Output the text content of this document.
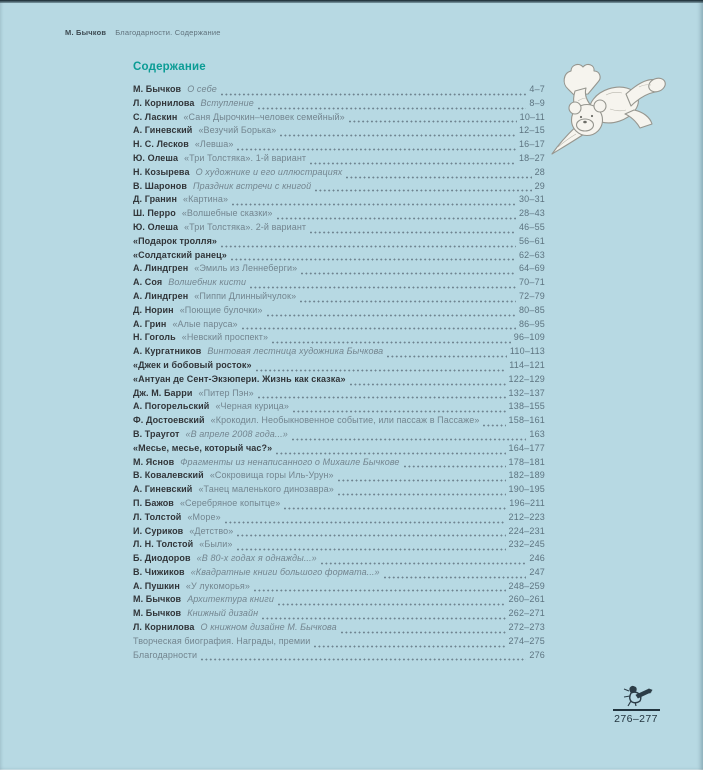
М. Бычков Благодарности. Содержание
Содержание
М. Бычков О себе	4–7
Л. Корнилова Вступление	8–9
С. Ласкин «Саня Дырочкин–человек семейный»	10–11
А. Гиневский «Везучий Борька»	12–15
Н. С. Лесков «Левша»	16–17
Ю. Олеша «Три Толстяка». 1-й вариант	18–27
Н. Козырева О художнике и его иллюстрациях	28
В. Шаронов Праздник встречи с книгой	29
Д. Гранин «Картина»	30–31
Ш. Перро «Волшебные сказки»	28–43
Ю. Олеша «Три Толстяка». 2-й вариант	46–55
«Подарок тролля»	56–61
«Солдатский ранец»	62–63
А. Линдгрен «Эмиль из Леннеберги»	64–69
А. Соя Волшебник кисти	70–71
А. Линдгрен «Пиппи Длинныйчулок»	72–79
Д. Норин «Поющие булочки»	80–85
А. Грин «Алые паруса»	86–95
Н. Гоголь «Невский проспект»	96–109
А. Кургатников Винтовая лестница художника Бычкова	110–113
«Джек и бобовый росток»	114–121
«Антуан де Сент-Экзюпери. Жизнь как сказка»	122–129
Дж. М. Барри «Питер Пэн»	132–137
А. Погорельский «Черная курица»	138–155
Ф. Достоевский «Крокодил. Необыкновенное событие, или пассаж в Пассаже»	158–161
В. Траугот «В апреле 2008 года...»	163
«Месье, месье, который час?»	164–177
М. Яснов Фрагменты из ненаписанного о Михаиле Бычкове	178–181
В. Ковалевский «Сокровища горы Иль-Урун»	182–189
А. Гиневский «Танец маленького динозавра»	190–195
П. Бажов «Серебряное копытце»	196–211
Л. Толстой «Море»	212–223
И. Суриков «Детство»	224–231
Л. Н. Толстой «Были»	232–245
Б. Диодоров «В 80-х годах я однажды...»	246
В. Чижиков «Квадратные книги большого формата...»	247
А. Пушкин «У лукоморья»	248–259
М. Бычков Архитектура книги	260–261
М. Бычков Книжный дизайн	262–271
Л. Корнилова О книжном дизайне М. Бычкова	272–273
Творческая биография. Награды, премии	274–275
Благодарности	276
276–277
